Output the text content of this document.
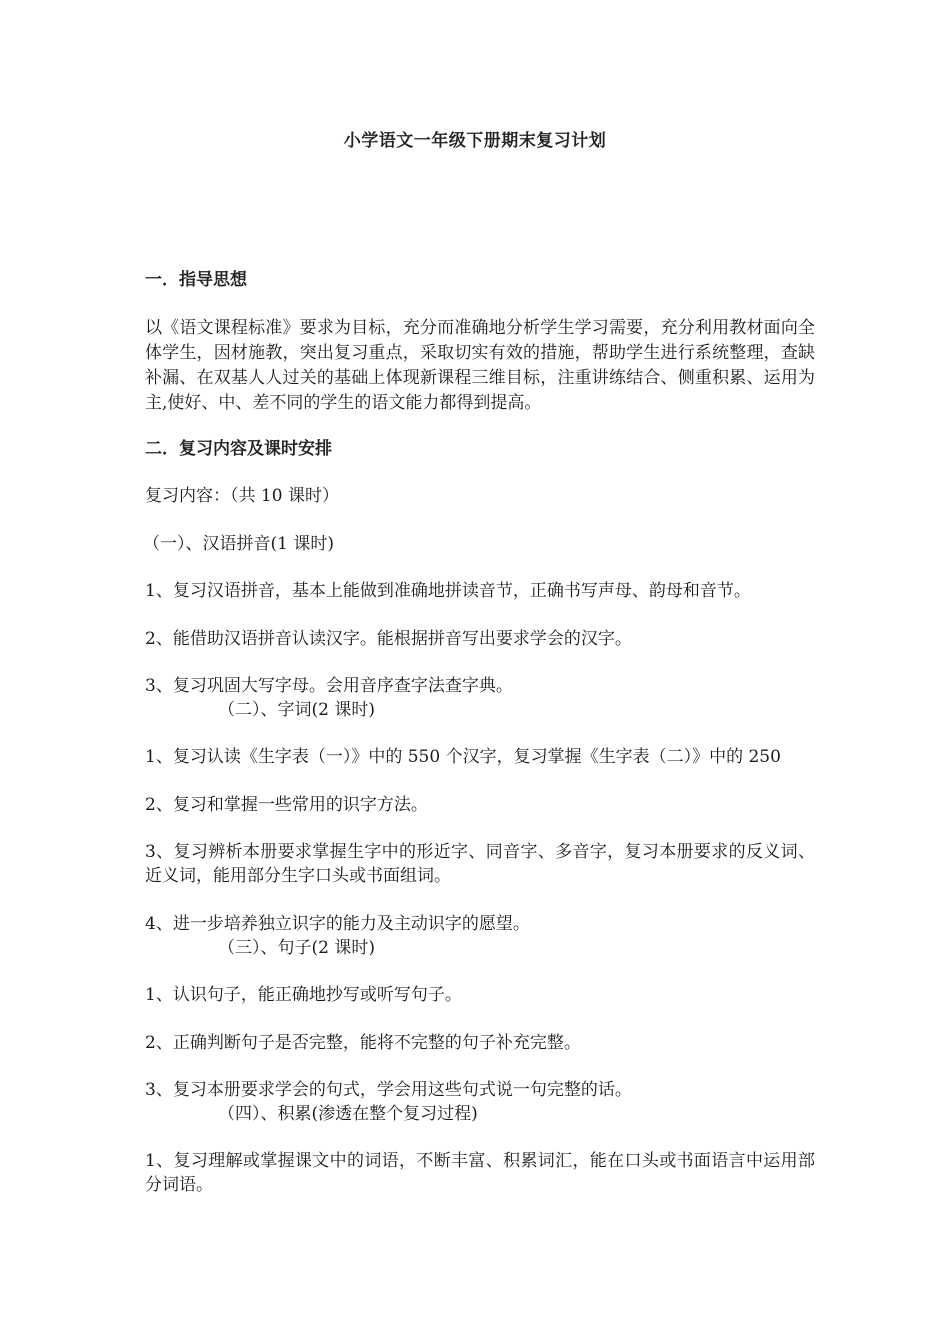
小学语文一年级下册期末复习计划
一．指导思想
以《语文课程标准》要求为目标，充分而准确地分析学生学习需要，充分利用教材面向全体学生，因材施教，突出复习重点，采取切实有效的措施，帮助学生进行系统整理，查缺补漏、在双基人人过关的基础上体现新课程三维目标，注重讲练结合、侧重积累、运用为主,使好、中、差不同的学生的语文能力都得到提高。
二．复习内容及课时安排
复习内容：（共 10 课时）
（一）、汉语拼音(1 课时)
1、复习汉语拼音，基本上能做到准确地拼读音节，正确书写声母、韵母和音节。
2、能借助汉语拼音认读汉字。能根据拼音写出要求学会的汉字。
3、复习巩固大写字母。会用音序查字法查字典。
（二）、字词(2 课时)
1、复习认读《生字表（一）》中的 550 个汉字，复习掌握《生字表（二）》中的 250
2、复习和掌握一些常用的识字方法。
3、复习辨析本册要求掌握生字中的形近字、同音字、多音字，复习本册要求的反义词、近义词，能用部分生字口头或书面组词。
4、进一步培养独立识字的能力及主动识字的愿望。
（三）、句子(2 课时)
1、认识句子，能正确地抄写或听写句子。
2、正确判断句子是否完整，能将不完整的句子补充完整。
3、复习本册要求学会的句式，学会用这些句式说一句完整的话。
（四）、积累(渗透在整个复习过程)
1、复习理解或掌握课文中的词语，不断丰富、积累词汇，能在口头或书面语言中运用部分词语。
